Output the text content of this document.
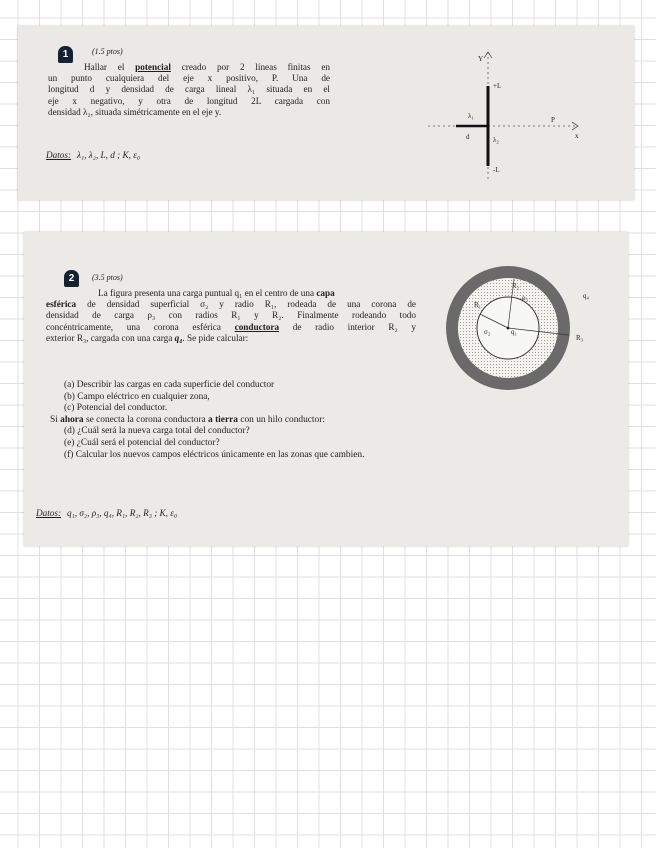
1	(1.5 ptos)
Hallar el potencial creado por 2 líneas finitas en
un punto cualquiera del eje x positivo, P. Una de
longitud d y densidad de carga lineal λ₁ situada en el
eje x negativo, y otra de longitud 2L cargada con
densidad λ₂, situada simétricamente en el eje y.
Datos: λ₁, λ₂, L, d ; K, ε₀
Y
x
+L
-L
λ₁
d	λ₂
P
2	(3.5 ptos)
La figura presenta una carga puntual q₁ en el centro de una capa
esférica de densidad superficial σ₂ y radio R₁, rodeada de una corona de
densidad de carga ρ₃ con radios R₁ y R₂. Finalmente rodeando todo
concéntricamente, una corona esférica conductora de radio interior R₂ y
exterior R₃, cargada con una carga q₄. Se pide calcular:
(a) Describir las cargas en cada superficie del conductor
(b) Campo eléctrico en cualquier zona,
(c) Potencial del conductor.
Si ahora se conecta la corona conductora a tierra con un hilo conductor:
(d) ¿Cuál será la nueva carga total del conductor?
(e) ¿Cuál será el potencial del conductor?
(f) Calcular los nuevos campos eléctricos únicamente en las zonas que cambien.
Datos: q₁, σ₂, ρ₃, q₄, R₁, R₂, R₃ ; K, ε₀
R₁
R₂
R₃
q₁
q₄
σ₂
ρ₃
